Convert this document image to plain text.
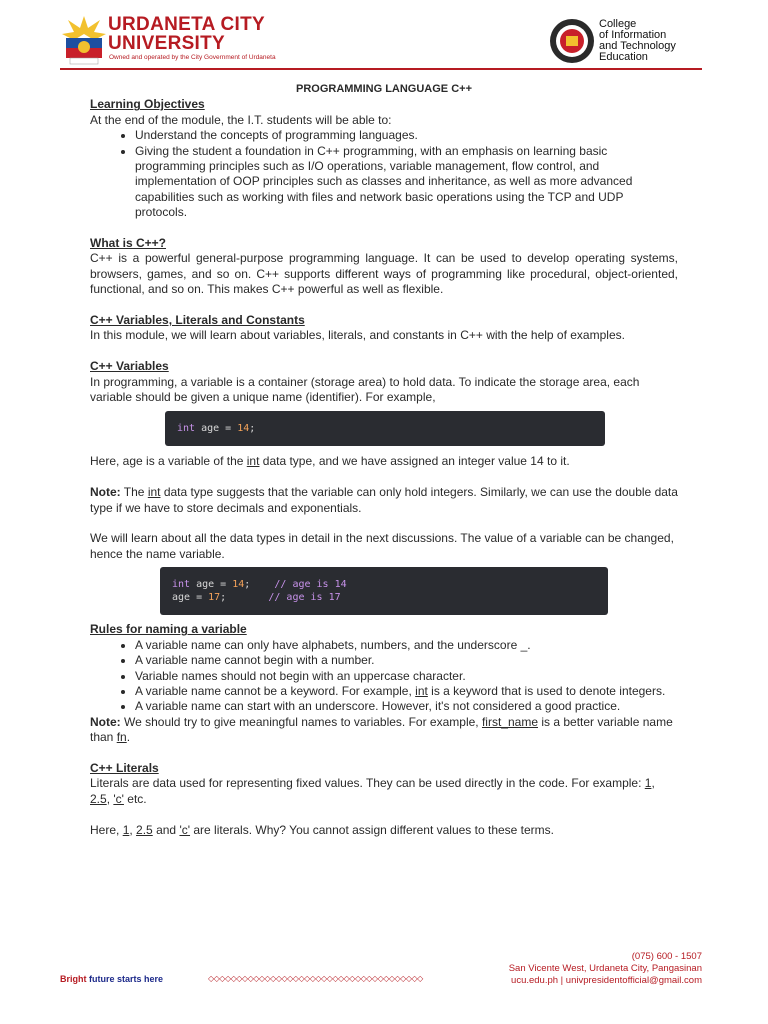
URDANETA CITY
UNIVERSITY
Owned and operated by the City Government of Urdaneta
College
of Information
and Technology
Education

PROGRAMMING LANGUAGE C++

Learning Objectives

At the end of the module, the I.T. students will be able to:

• Understand the concepts of programming languages.
• Giving the student a foundation in C++ programming, with an emphasis on learning basic programming principles such as I/O operations, variable management, flow control, and implementation of OOP principles such as classes and inheritance, as well as more advanced capabilities such as working with files and network basic operations using the TCP and UDP protocols.

What is C++?

C++ is a powerful general-purpose programming language. It can be used to develop operating systems, browsers, games, and so on. C++ supports different ways of programming like procedural, object-oriented, functional, and so on. This makes C++ powerful as well as flexible.

C++ Variables, Literals and Constants

In this module, we will learn about variables, literals, and constants in C++ with the help of examples.

C++ Variables

In programming, a variable is a container (storage area) to hold data. To indicate the storage area, each variable should be given a unique name (identifier). For example,

int age = 14;

Here, age is a variable of the int data type, and we have assigned an integer value 14 to it.

Note: The int data type suggests that the variable can only hold integers. Similarly, we can use the double data type if we have to store decimals and exponentials.

We will learn about all the data types in detail in the next discussions. The value of a variable can be changed, hence the name variable.

int age = 14; // age is 14
age = 17;	// age is 17

Rules for naming a variable

• A variable name can only have alphabets, numbers, and the underscore _.
• A variable name cannot begin with a number.
• Variable names should not begin with an uppercase character.
• A variable name cannot be a keyword. For example, int is a keyword that is used to denote integers.
• A variable name can start with an underscore. However, it's not considered a good practice.

Note: We should try to give meaningful names to variables. For example, first_name is a better variable name than fn.

C++ Literals

Literals are data used for representing fixed values. They can be used directly in the code. For example: 1, 2.5, 'c' etc.

Here, 1, 2.5 and 'c' are literals. Why? You cannot assign different values to these terms.

Bright future starts here	◇◇◇◇◇◇◇◇◇◇◇◇◇◇◇◇◇◇◇◇◇◇◇◇◇◇◇◇◇◇◇◇◇◇◇◇◇◇
(075) 600 - 1507
San Vicente West, Urdaneta City, Pangasinan
ucu.edu.ph | univpresidentofficial@gmail.com
